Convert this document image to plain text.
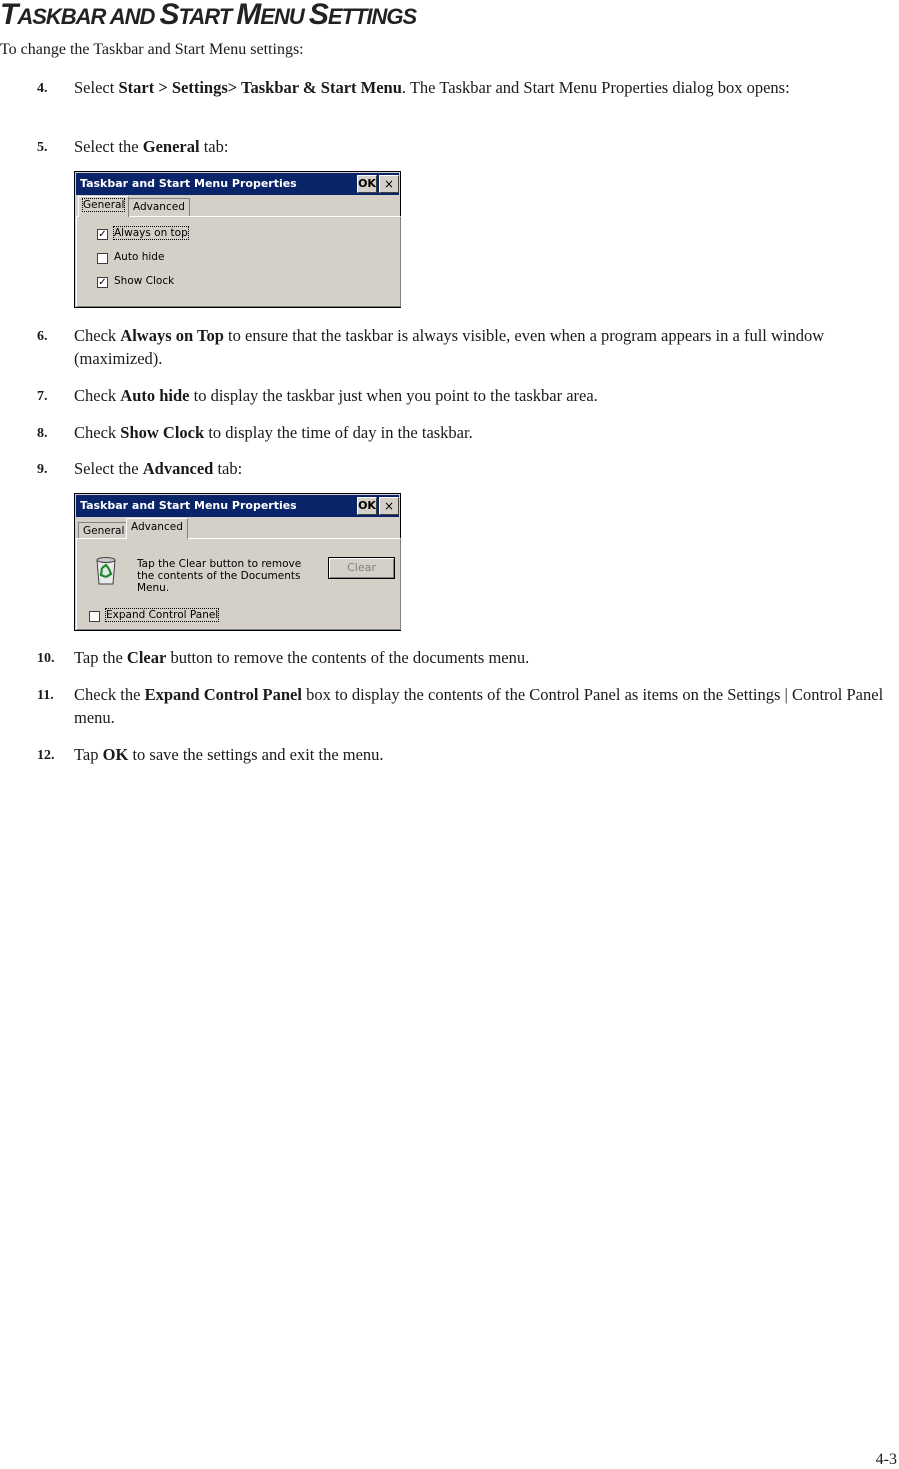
TASKBAR AND START MENU SETTINGS

To change the Taskbar and Start Menu settings:

4. Select Start > Settings> Taskbar & Start Menu. The Taskbar and Start Menu Properties dialog box opens:
5. Select the General tab:
Taskbar and Start Menu Properties	OK ×
General Advanced
✓ Always on top
Auto hide
✓ Show Clock
6. Check Always on Top to ensure that the taskbar is always visible, even when a program appears in a full window (maximized).
7. Check Auto hide to display the taskbar just when you point to the taskbar area.
8. Check Show Clock to display the time of day in the taskbar.
9. Select the Advanced tab:
Taskbar and Start Menu Properties	OK ×
General Advanced
Tap the Clear button to remove the contents of the Documents Menu.
Clear
Expand Control Panel
10. Tap the Clear button to remove the contents of the documents menu.
11. Check the Expand Control Panel box to display the contents of the Control Panel as items on the Settings | Control Panel menu.
12. Tap OK to save the settings and exit the menu.

4-3
